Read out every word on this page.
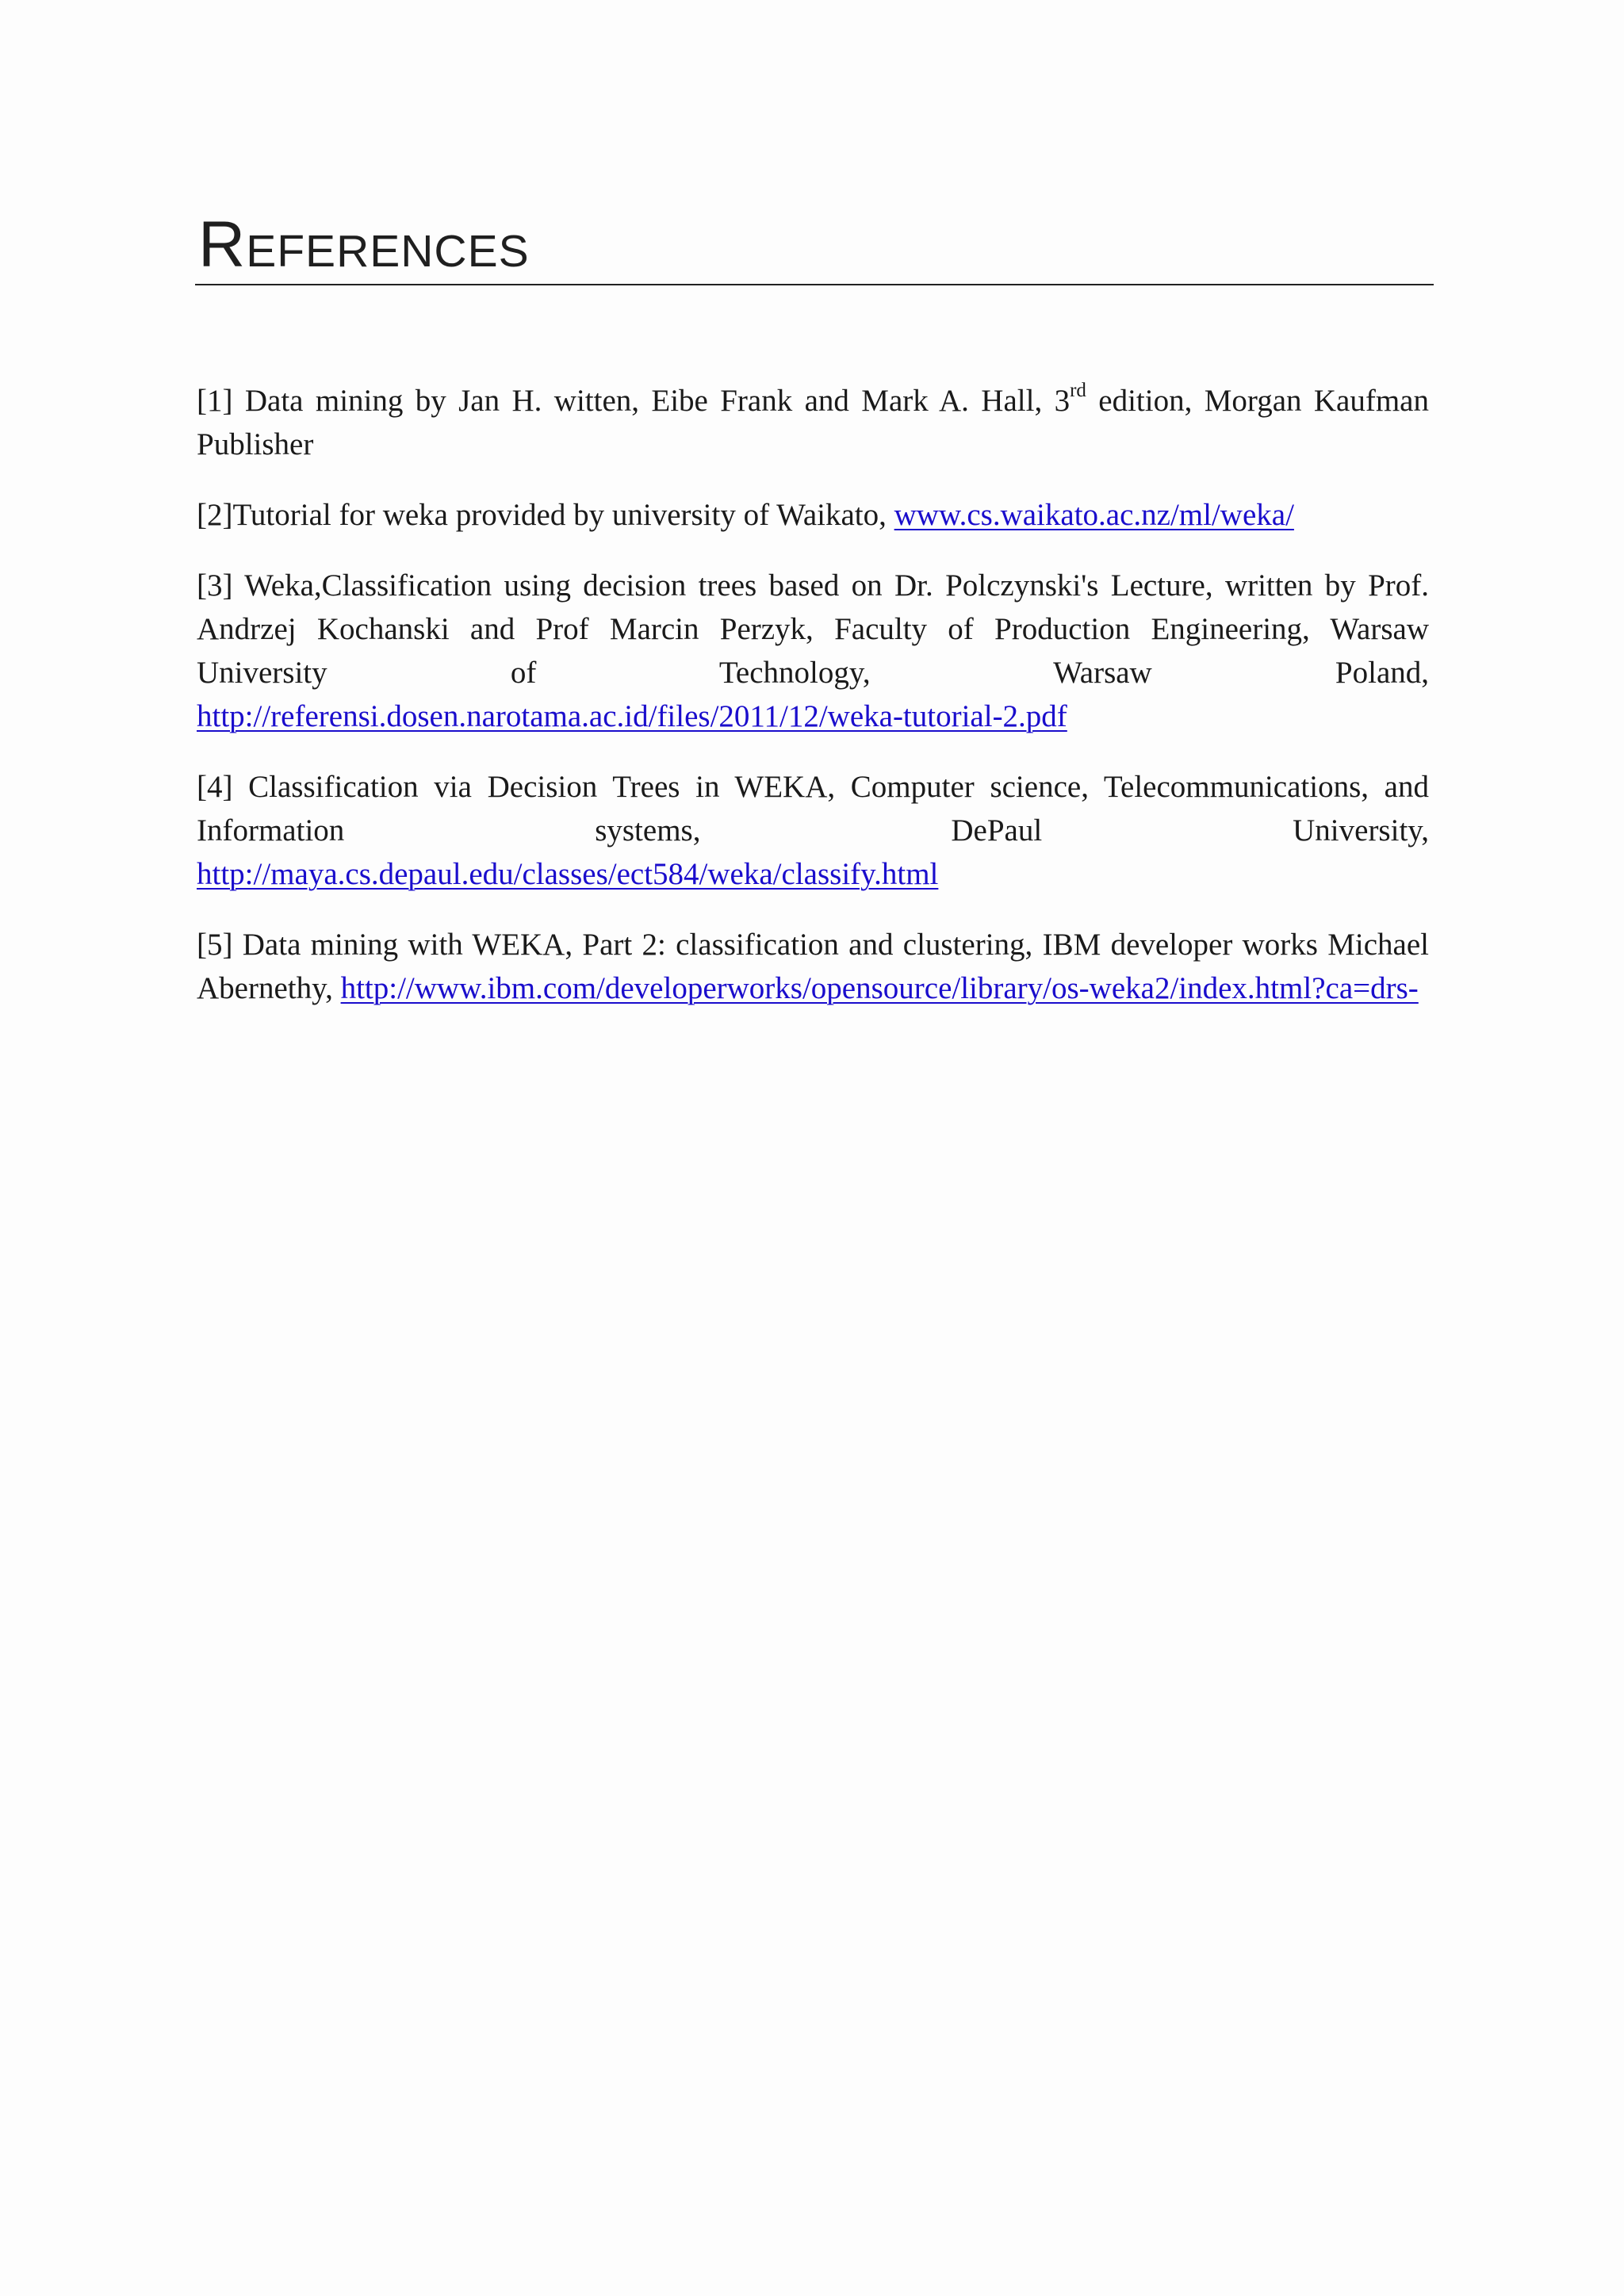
References

[1] Data mining by Jan H. witten, Eibe Frank and Mark A. Hall, 3rd edition, Morgan Kaufman Publisher

[2]Tutorial for weka provided by university of Waikato, www.cs.waikato.ac.nz/ml/weka/

[3] Weka,Classification using decision trees based on Dr. Polczynski's Lecture, written by Prof. Andrzej Kochanski and Prof Marcin Perzyk, Faculty of Production Engineering, Warsaw University of Technology, Warsaw Poland, http://referensi.dosen.narotama.ac.id/files/2011/12/weka-tutorial-2.pdf

[4] Classification via Decision Trees in WEKA, Computer science, Telecommunications, and Information systems, DePaul University, http://maya.cs.depaul.edu/classes/ect584/weka/classify.html

[5] Data mining with WEKA, Part 2: classification and clustering, IBM developer works Michael Abernethy, http://www.ibm.com/developerworks/opensource/library/os-weka2/index.html?ca=drs-
